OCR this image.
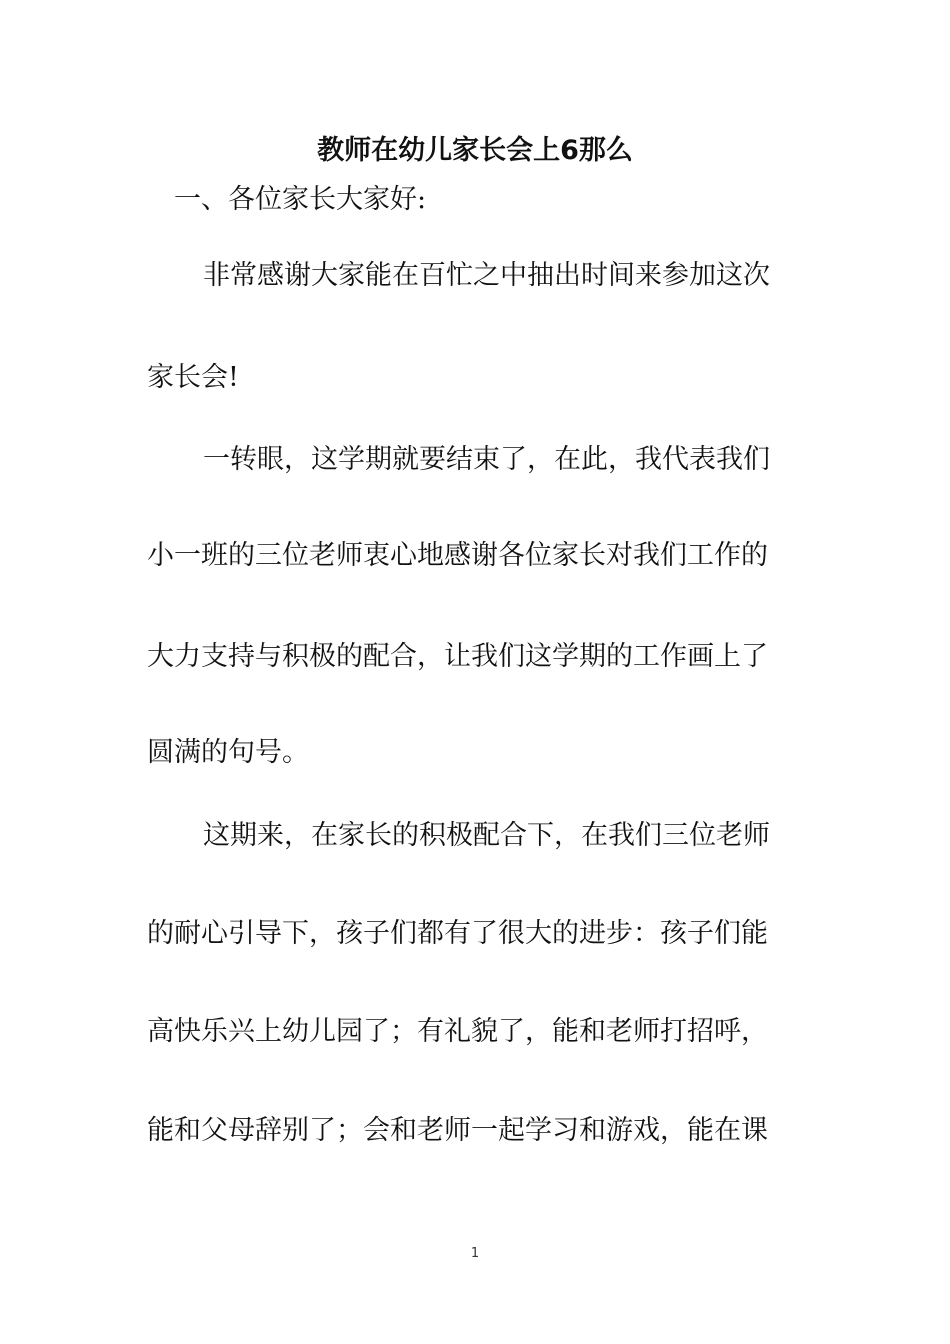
教师在幼儿家长会上6那么

一、各位家长大家好:

非常感谢大家能在百忙之中抽出时间来参加这次

家长会!

一转眼，这学期就要结束了，在此，我代表我们

小一班的三位老师衷心地感谢各位家长对我们工作的

大力支持与积极的配合，让我们这学期的工作画上了

圆满的句号。

这期来，在家长的积极配合下，在我们三位老师

的耐心引导下，孩子们都有了很大的进步：孩子们能

高快乐兴上幼儿园了；有礼貌了，能和老师打招呼，

能和父母辞别了；会和老师一起学习和游戏，能在课

1
